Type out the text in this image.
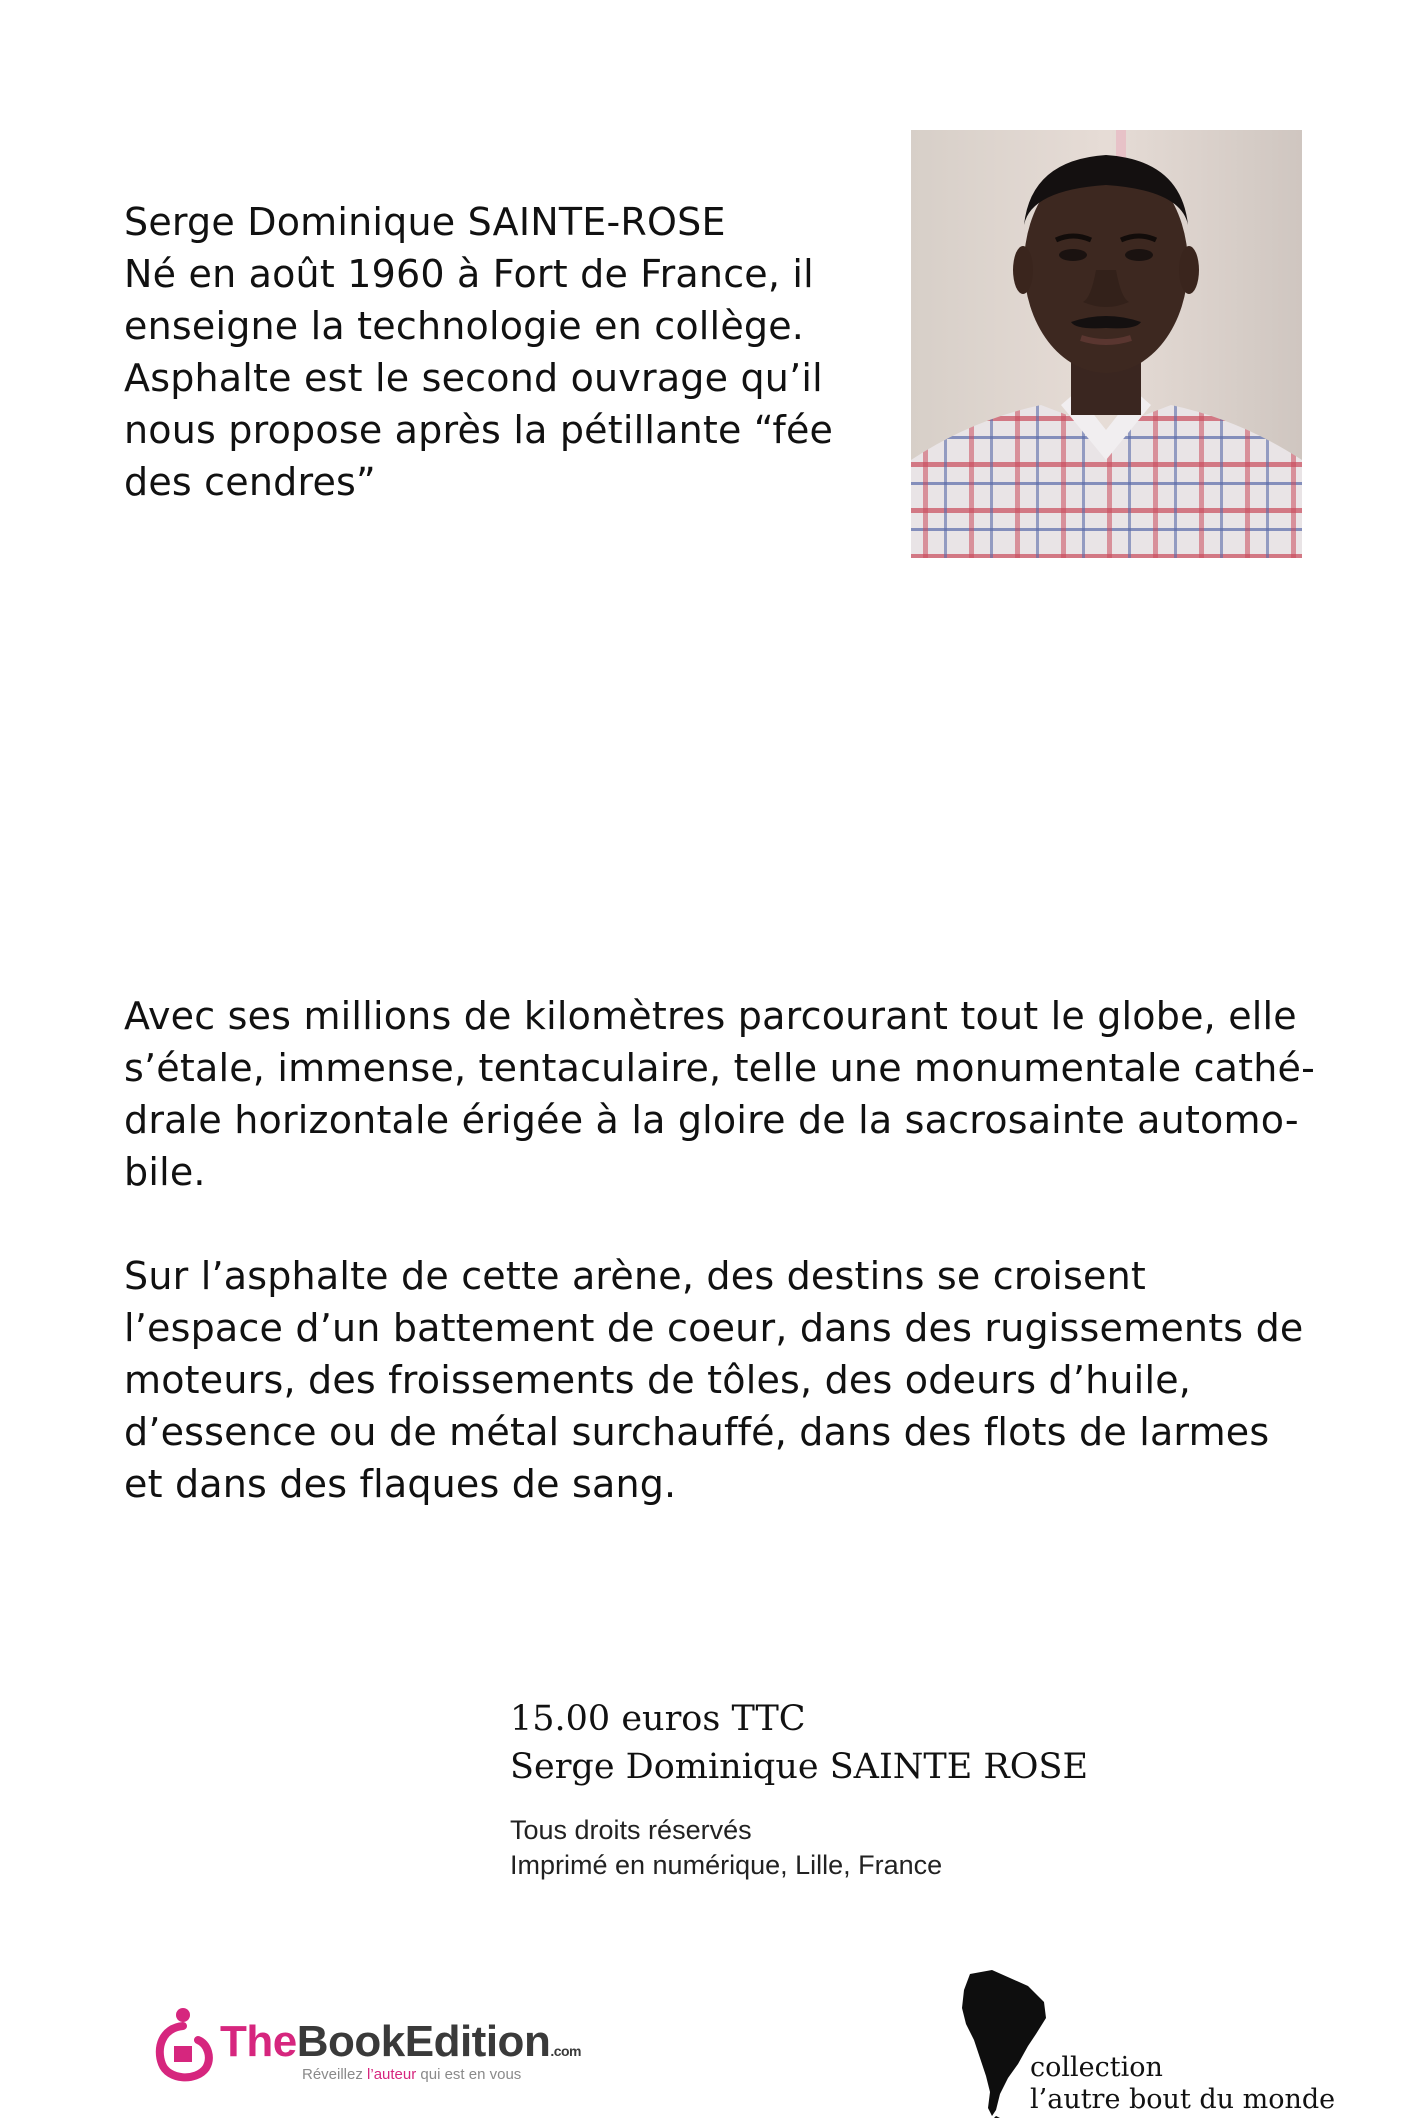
Serge Dominique SAINTE-ROSE
Né en août 1960 à Fort de France, il
enseigne la technologie en collège.
Asphalte est le second ouvrage qu’il
nous propose après la pétillante “fée
des cendres”

Avec ses millions de kilomètres parcourant tout le globe, elle
s’étale, immense, tentaculaire, telle une monumentale cathé-
drale horizontale érigée à la gloire de la sacrosainte automo-
bile.

Sur l’asphalte de cette arène, des destins se croisent
l’espace d’un battement de coeur, dans des rugissements de
moteurs, des froissements de tôles, des odeurs d’huile,
d’essence ou de métal surchauffé, dans des flots de larmes
et dans des flaques de sang.

15.00 euros TTC
Serge Dominique SAINTE ROSE
Tous droits réservés
Imprimé en numérique, Lille, France
TheBookEdition.com
Réveillez l’auteur qui est en vous	collection
l’autre bout du monde
